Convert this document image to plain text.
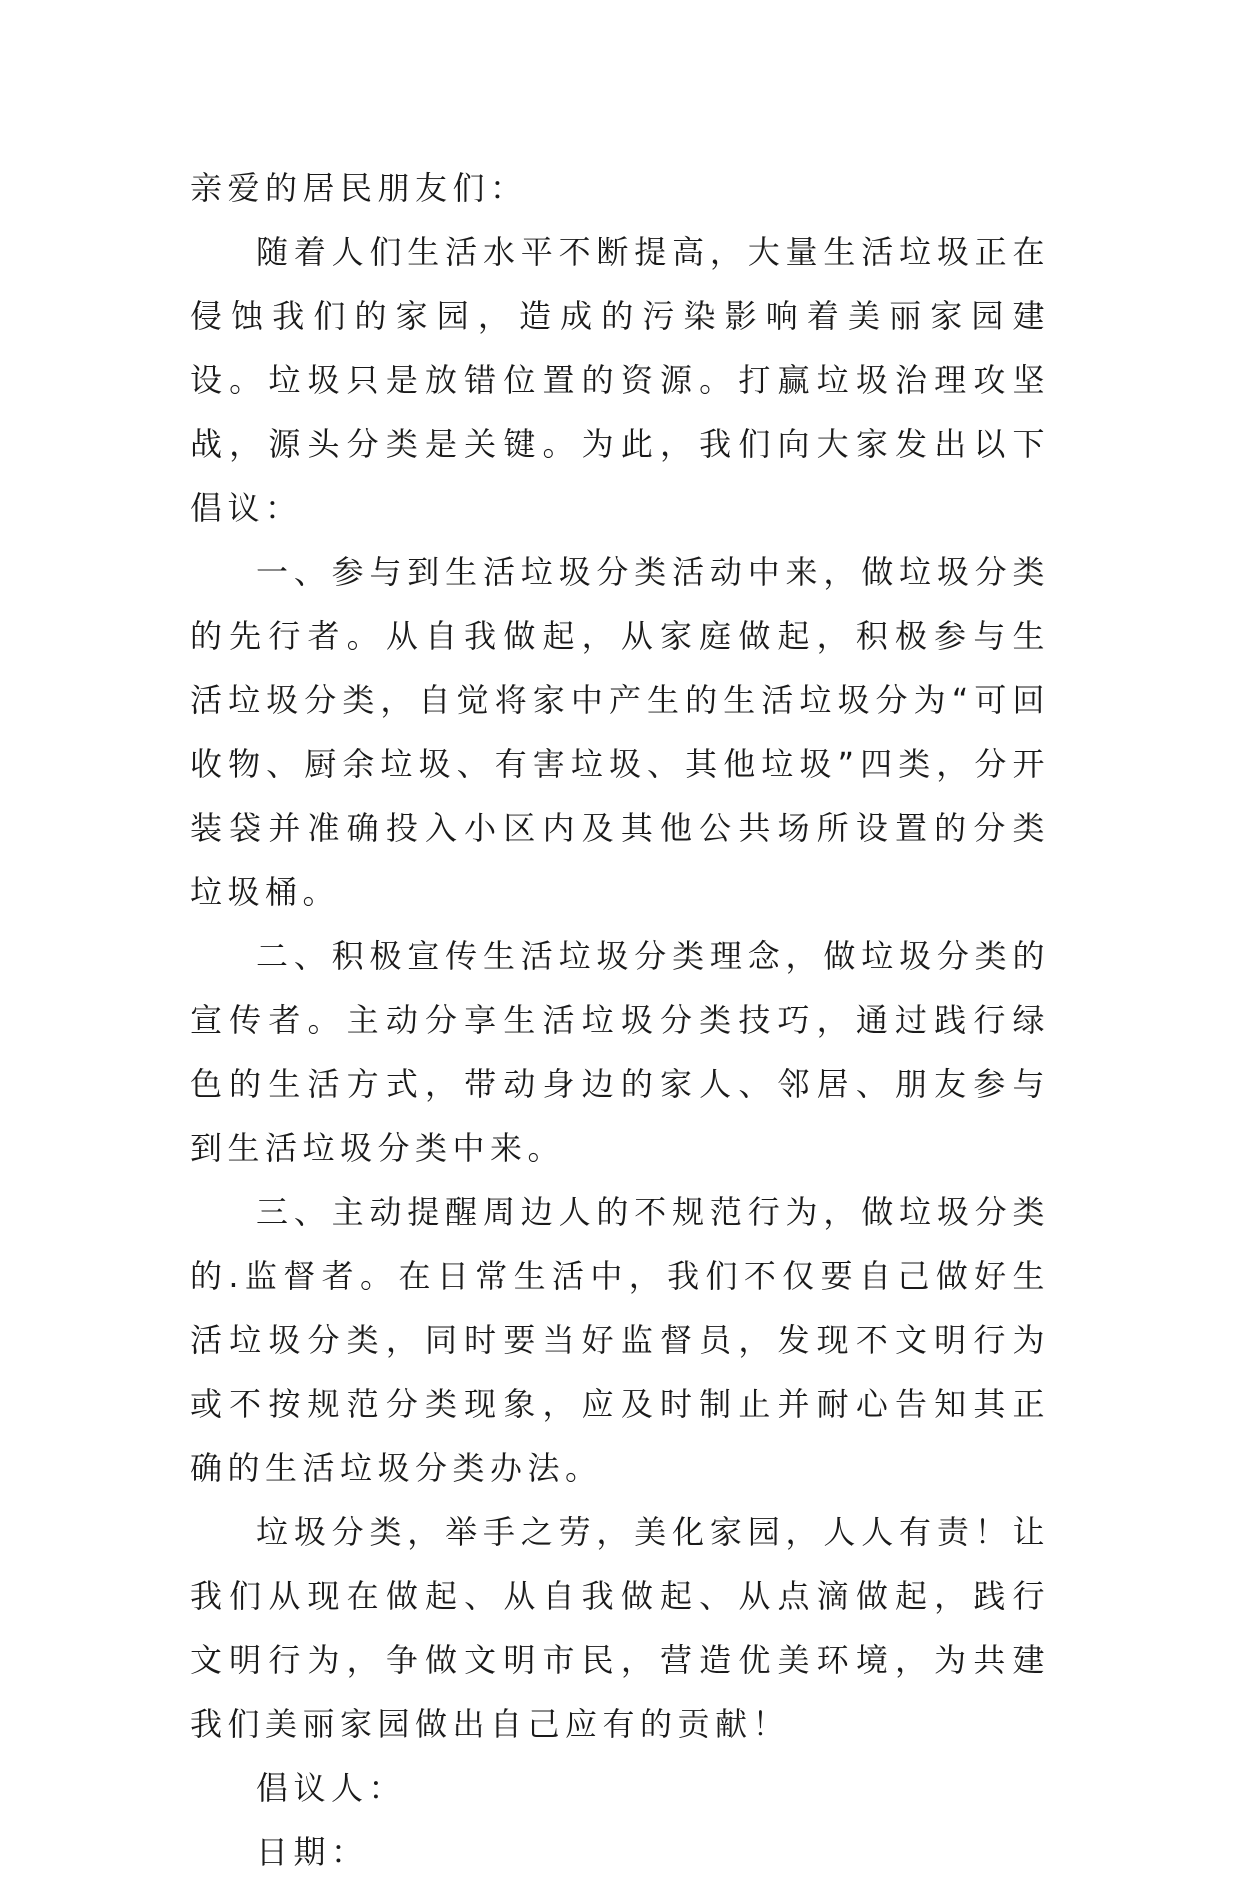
亲爱的居民朋友们：

随着人们生活水平不断提高，大量生活垃圾正在侵蚀我们的家园，造成的污染影响着美丽家园建设。垃圾只是放错位置的资源。打赢垃圾治理攻坚战，源头分类是关键。为此，我们向大家发出以下倡议：

一、参与到生活垃圾分类活动中来，做垃圾分类的先行者。从自我做起，从家庭做起，积极参与生活垃圾分类，自觉将家中产生的生活垃圾分为“可回收物、厨余垃圾、有害垃圾、其他垃圾”四类，分开装袋并准确投入小区内及其他公共场所设置的分类垃圾桶。

二、积极宣传生活垃圾分类理念，做垃圾分类的宣传者。主动分享生活垃圾分类技巧，通过践行绿色的生活方式，带动身边的家人、邻居、朋友参与到生活垃圾分类中来。

三、主动提醒周边人的不规范行为，做垃圾分类的.监督者。在日常生活中，我们不仅要自己做好生活垃圾分类，同时要当好监督员，发现不文明行为或不按规范分类现象，应及时制止并耐心告知其正确的生活垃圾分类办法。

垃圾分类，举手之劳，美化家园，人人有责！让我们从现在做起、从自我做起、从点滴做起，践行文明行为，争做文明市民，营造优美环境，为共建我们美丽家园做出自己应有的贡献！

倡议人：

日期：
